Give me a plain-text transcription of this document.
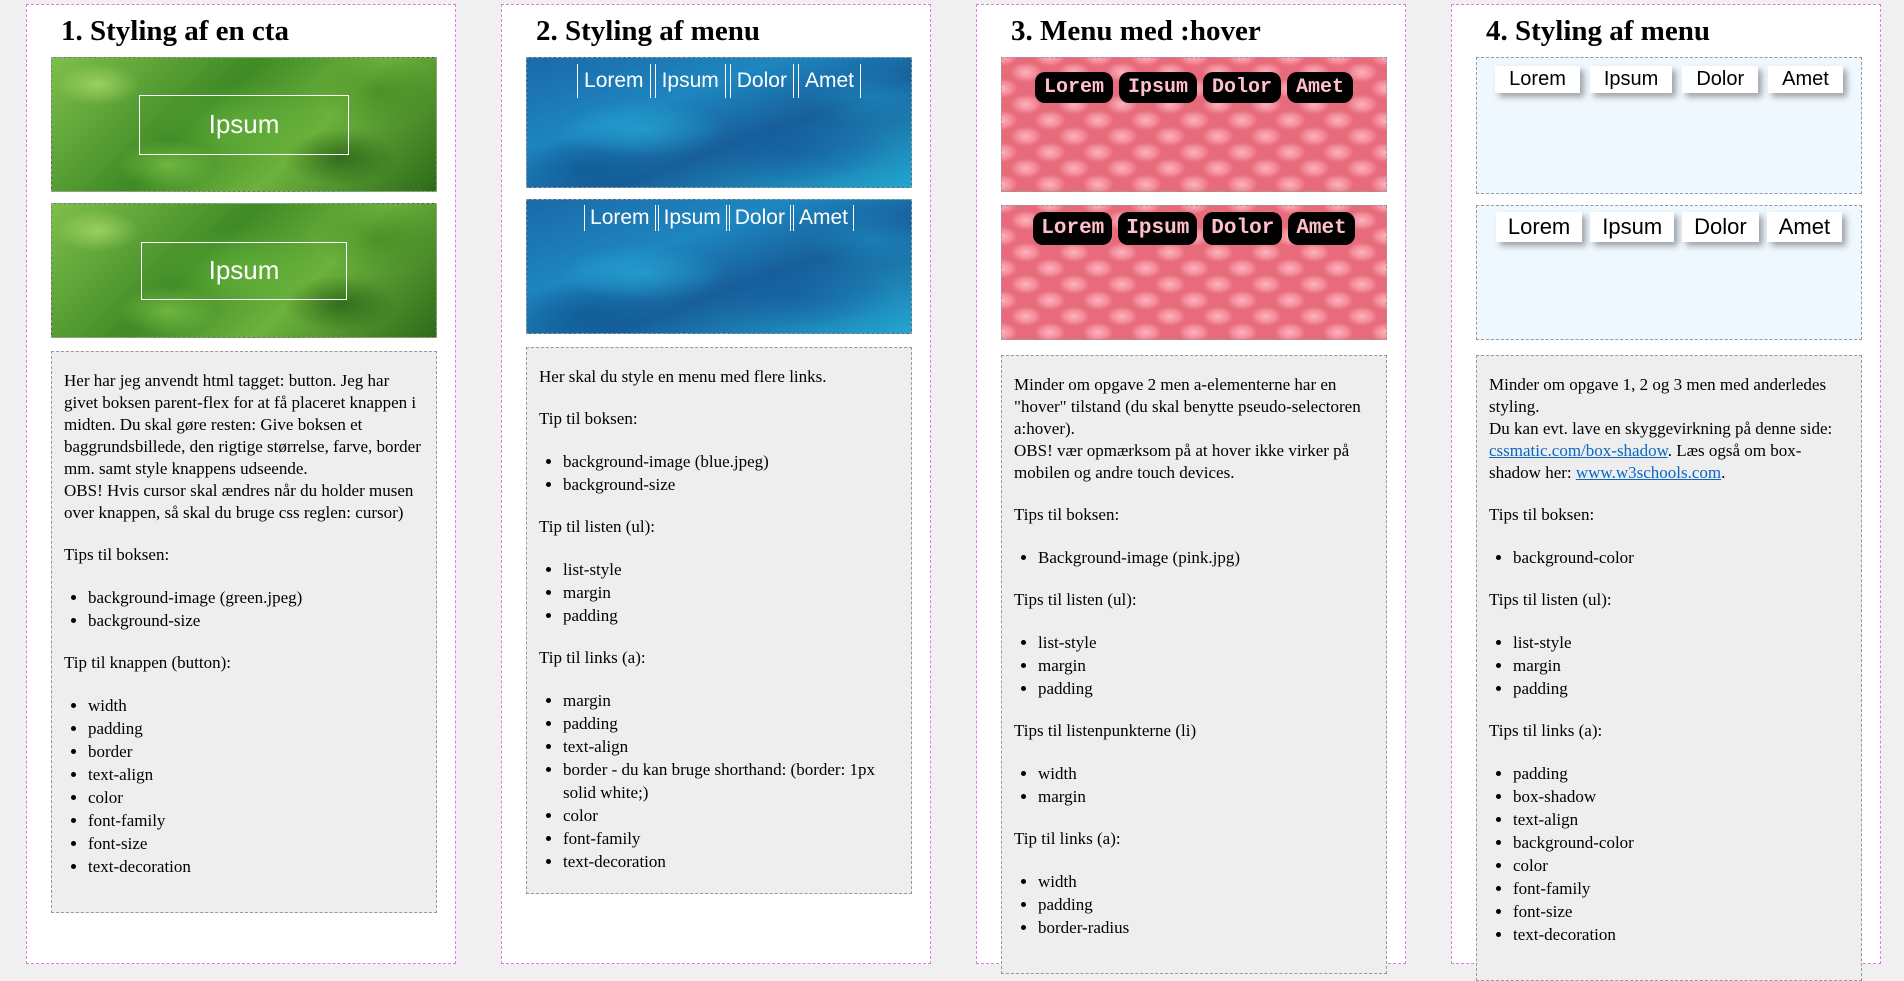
1. Styling af en cta
Ipsum
Ipsum

Her har jeg anvendt html tagget: button. Jeg har givet boksen parent-flex for at få placeret knappen i midten. Du skal gøre resten: Give boksen et baggrundsbillede, den rigtige størrelse, farve, border mm. samt style knappens udseende.
OBS! Hvis cursor skal ændres når du holder musen over knappen, så skal du bruge css reglen: cursor)

Tips til boksen:

• background-image (green.jpeg)
• background-size

Tip til knappen (button):

• width
• padding
• border
• text-align
• color
• font-family
• font-size
• text-decoration
2. Styling af menu
Lorem Ipsum Dolor Amet
Lorem Ipsum Dolor Amet

Her skal du style en menu med flere links.

Tip til boksen:

• background-image (blue.jpeg)
• background-size

Tip til listen (ul):

• list-style
• margin
• padding

Tip til links (a):

• margin
• padding
• text-align
• border - du kan bruge shorthand: (border: 1px solid white;)
• color
• font-family
• text-decoration
3. Menu med :hover
Lorem	Ipsum	Dolor	Amet
Lorem	Ipsum	Dolor	Amet

Minder om opgave 2 men a-elementerne har en "hover" tilstand (du skal benytte pseudo-selectoren a:hover).
OBS! vær opmærksom på at hover ikke virker på mobilen og andre touch devices.

Tips til boksen:

• Background-image (pink.jpg)

Tips til listen (ul):

• list-style
• margin
• padding

Tips til listenpunkterne (li)

• width
• margin

Tip til links (a):

• width
• padding
• border-radius
4. Styling af menu
Lorem	Ipsum	Dolor	Amet
Lorem	Ipsum	Dolor	Amet

Minder om opgave 1, 2 og 3 men med anderledes styling.
Du kan evt. lave en skyggevirkning på denne side: cssmatic.com/box-shadow. Læs også om box-shadow her: www.w3schools.com.

Tips til boksen:

• background-color

Tips til listen (ul):

• list-style
• margin
• padding

Tips til links (a):

• padding
• box-shadow
• text-align
• background-color
• color
• font-family
• font-size
• text-decoration
